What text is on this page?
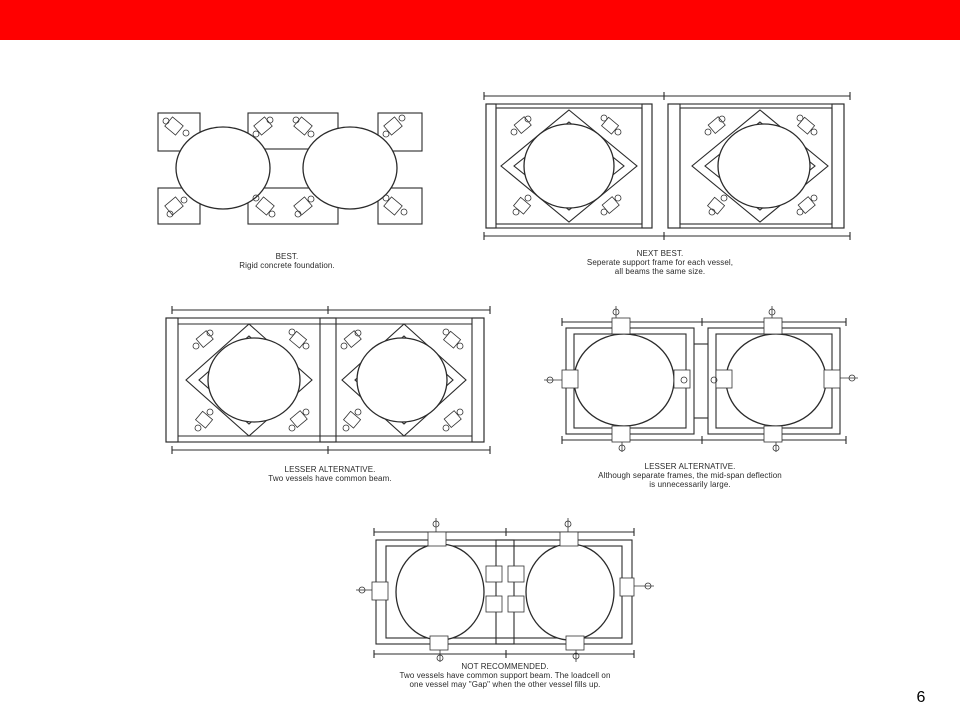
BEST.
Rigid concrete foundation.
NEXT BEST.
Seperate support frame for each vessel,
all beams the same size.
LESSER ALTERNATIVE.
Two vessels have common beam.
LESSER ALTERNATIVE.
Although separate frames, the mid-span deflection
is unnecessarily large.
NOT RECOMMENDED.
Two vessels have common support beam. The loadcell on
one vessel may "Gap" when the other vessel fills up.
6
